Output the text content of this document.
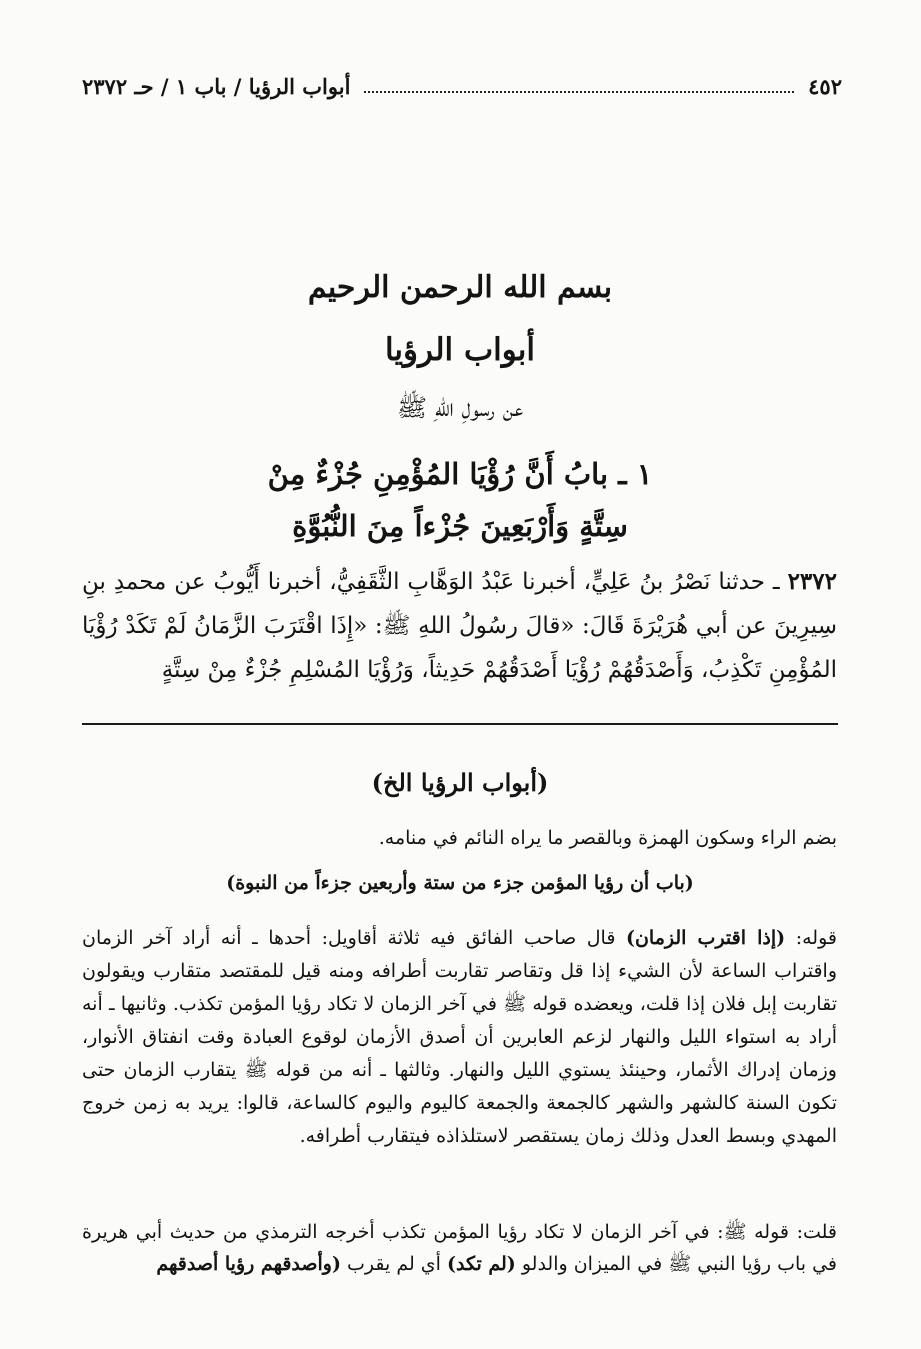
٤٥٢
أبواب الرؤيا / باب ١ / حـ ٢٣٧٢
بسم الله الرحمن الرحيم
أبواب الرؤيا
عن رسولِ اللهِ ﷺ
١ ـ بابُ أَنَّ رُؤْيَا المُؤْمِنِ جُزْءٌ مِنْ
سِتَّةٍ وَأَرْبَعِينَ جُزْءاً مِنَ النُّبُوَّةِ
٢٣٧٢ ـ حدثنا نَصْرُ بنُ عَلِيٍّ، أخبرنا عَبْدُ الوَهَّابِ الثَّقَفِيُّ، أخبرنا أَيُّوبُ عن محمدِ بنِ سِيرِينَ عن أبي هُرَيْرَةَ قَالَ: «قالَ رسُولُ اللهِ ﷺ: «إِذَا اقْتَرَبَ الزَّمَانُ لَمْ تَكَدْ رُؤْيَا المُؤْمِنِ تَكْذِبُ، وَأَصْدَقُهُمْ رُؤْيَا أَصْدَقُهُمْ حَدِيثاً، وَرُؤْيَا المُسْلِمِ جُزْءٌ مِنْ سِتَّةٍ
(أبواب الرؤيا الخ)
بضم الراء وسكون الهمزة وبالقصر ما يراه النائم في منامه.
(باب أن رؤيا المؤمن جزء من ستة وأربعين جزءاً من النبوة)
قوله: (إذا اقترب الزمان) قال صاحب الفائق فيه ثلاثة أقاويل: أحدها ـ أنه أراد آخر الزمان واقتراب الساعة لأن الشيء إذا قل وتقاصر تقاربت أطرافه ومنه قيل للمقتصد متقارب ويقولون تقاربت إبل فلان إذا قلت، ويعضده قوله ﷺ في آخر الزمان لا تكاد رؤيا المؤمن تكذب. وثانيها ـ أنه أراد به استواء الليل والنهار لزعم العابرين أن أصدق الأزمان لوقوع العبادة وقت انفتاق الأنوار، وزمان إدراك الأثمار، وحينئذ يستوي الليل والنهار. وثالثها ـ أنه من قوله ﷺ يتقارب الزمان حتى تكون السنة كالشهر والشهر كالجمعة والجمعة كاليوم واليوم كالساعة، قالوا: يريد به زمن خروج المهدي وبسط العدل وذلك زمان يستقصر لاستلذاذه فيتقارب أطرافه.
قلت: قوله ﷺ: في آخر الزمان لا تكاد رؤيا المؤمن تكذب أخرجه الترمذي من حديث أبي هريرة في باب رؤيا النبي ﷺ في الميزان والدلو (لم تكد) أي لم يقرب (وأصدقهم رؤيا أصدقهم
